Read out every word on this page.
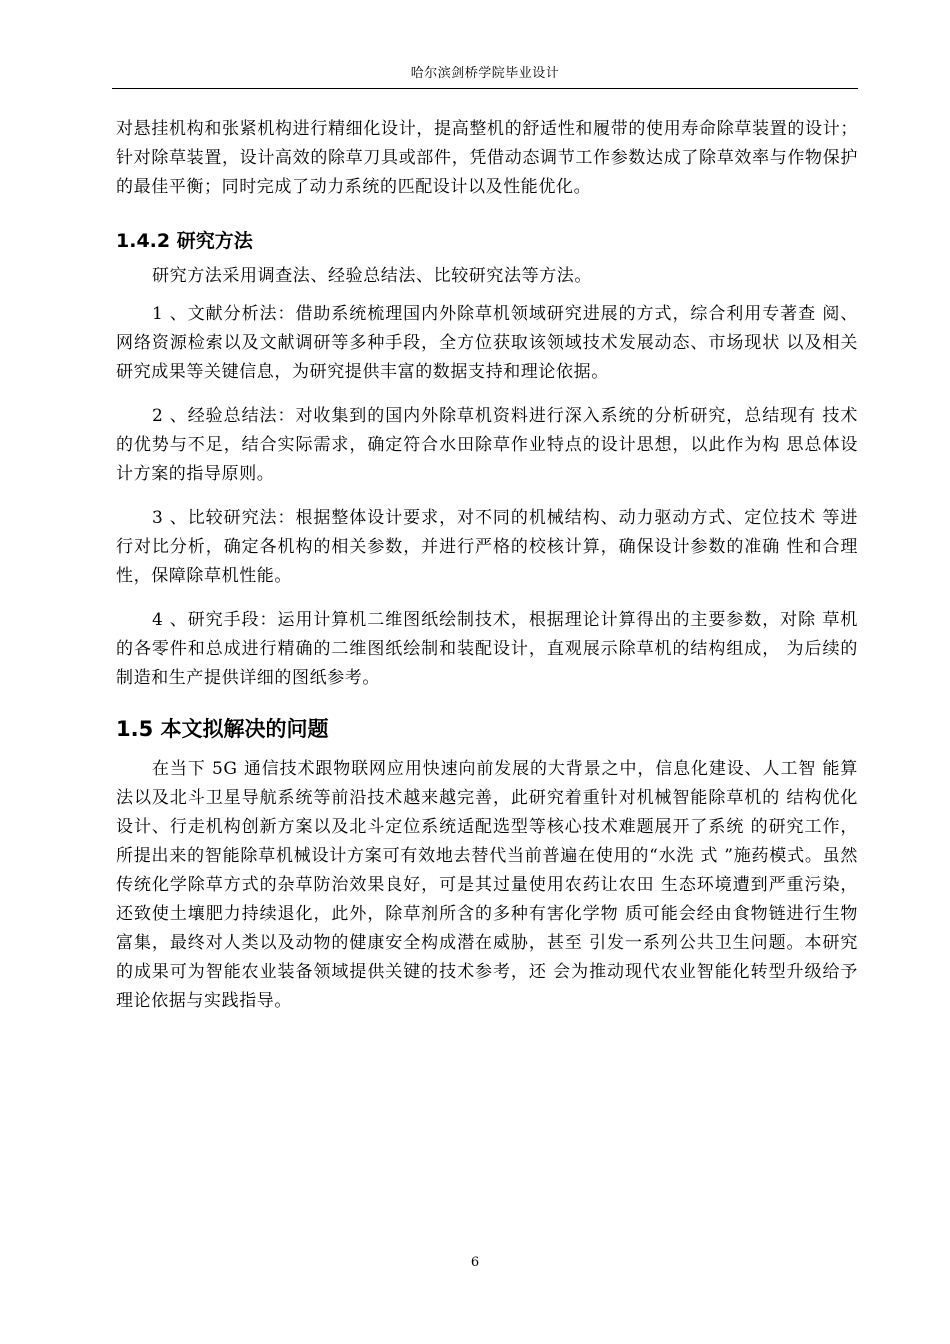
哈尔滨剑桥学院毕业设计

对悬挂机构和张紧机构进行精细化设计，提高整机的舒适性和履带的使用寿命除草装置的设计；针对除草装置，设计高效的除草刀具或部件，凭借动态调节工作参数达成了除草效率与作物保护的最佳平衡；同时完成了动力系统的匹配设计以及性能优化。

1.4.2 研究方法

研究方法采用调查法、经验总结法、比较研究法等方法。

1 、文献分析法：借助系统梳理国内外除草机领域研究进展的方式，综合利用专著查 阅、网络资源检索以及文献调研等多种手段，全方位获取该领域技术发展动态、市场现状 以及相关研究成果等关键信息，为研究提供丰富的数据支持和理论依据。

2 、经验总结法：对收集到的国内外除草机资料进行深入系统的分析研究，总结现有 技术的优势与不足，结合实际需求，确定符合水田除草作业特点的设计思想，以此作为构 思总体设计方案的指导原则。

3 、比较研究法：根据整体设计要求，对不同的机械结构、动力驱动方式、定位技术 等进行对比分析，确定各机构的相关参数，并进行严格的校核计算，确保设计参数的准确 性和合理性，保障除草机性能。

4 、研究手段：运用计算机二维图纸绘制技术，根据理论计算得出的主要参数，对除 草机的各零件和总成进行精确的二维图纸绘制和装配设计，直观展示除草机的结构组成， 为后续的制造和生产提供详细的图纸参考。

1.5 本文拟解决的问题

在当下 5G 通信技术跟物联网应用快速向前发展的大背景之中，信息化建设、人工智 能算法以及北斗卫星导航系统等前沿技术越来越完善，此研究着重针对机械智能除草机的 结构优化设计、行走机构创新方案以及北斗定位系统适配选型等核心技术难题展开了系统 的研究工作，所提出来的智能除草机械设计方案可有效地去替代当前普遍在使用的“水洗 式 ”施药模式。虽然传统化学除草方式的杂草防治效果良好，可是其过量使用农药让农田 生态环境遭到严重污染，还致使土壤肥力持续退化，此外，除草剂所含的多种有害化学物 质可能会经由食物链进行生物富集，最终对人类以及动物的健康安全构成潜在威胁，甚至 引发一系列公共卫生问题。本研究的成果可为智能农业装备领域提供关键的技术参考，还 会为推动现代农业智能化转型升级给予理论依据与实践指导。

6
